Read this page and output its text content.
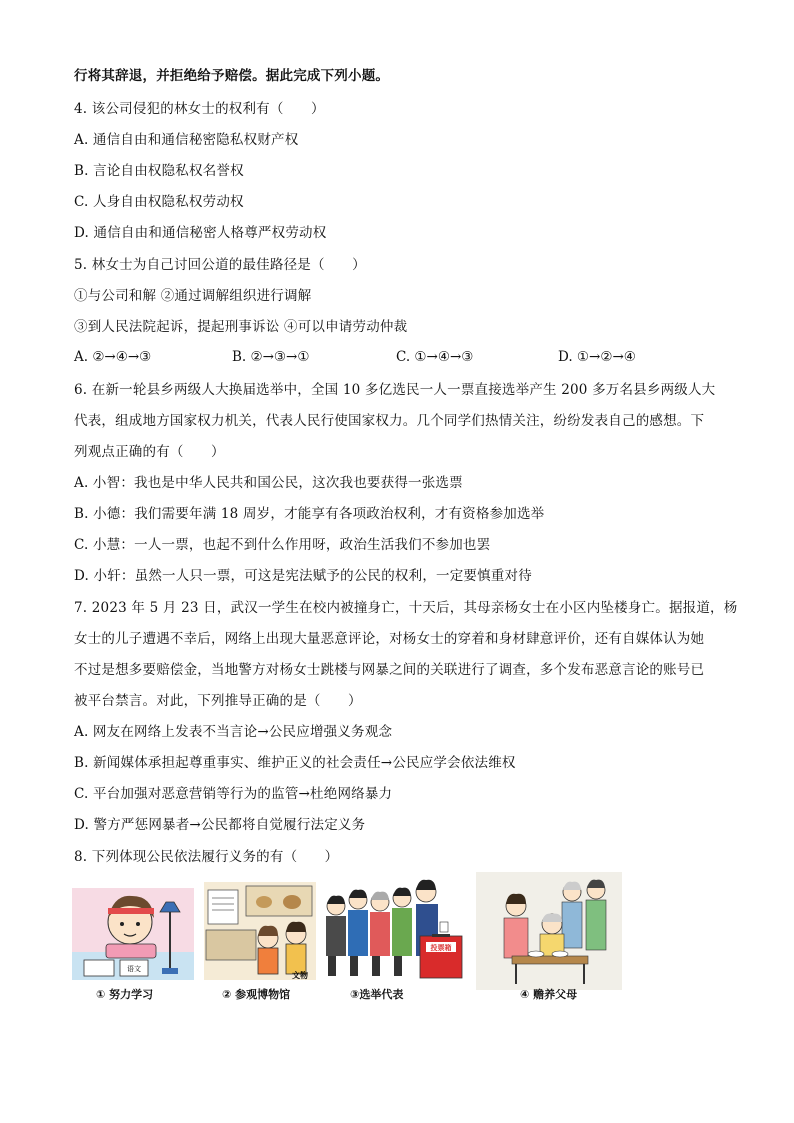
行将其辞退，并拒绝给予赔偿。据此完成下列小题。
4. 该公司侵犯的林女士的权利有（　　）
A. 通信自由和通信秘密隐私权财产权
B. 言论自由权隐私权名誉权
C. 人身自由权隐私权劳动权
D. 通信自由和通信秘密人格尊严权劳动权
5. 林女士为自己讨回公道的最佳路径是（　　）
①与公司和解 ②通过调解组织进行调解
③到人民法院起诉，提起刑事诉讼 ④可以申请劳动仲裁
A. ②→④→③	B. ②→③→①	C. ①→④→③	D. ①→②→④
6. 在新一轮县乡两级人大换届选举中，全国 10 多亿选民一人一票直接选举产生 200 多万名县乡两级人大
代表，组成地方国家权力机关，代表人民行使国家权力。几个同学们热情关注，纷纷发表自己的感想。下
列观点正确的有（　　）
A. 小智：我也是中华人民共和国公民，这次我也要获得一张选票
B. 小德：我们需要年满 18 周岁，才能享有各项政治权利，才有资格参加选举
C. 小慧：一人一票，也起不到什么作用呀，政治生活我们不参加也罢
D. 小轩：虽然一人只一票，可这是宪法赋予的公民的权利，一定要慎重对待
7. 2023 年 5 月 23 日，武汉一学生在校内被撞身亡，十天后，其母亲杨女士在小区内坠楼身亡。据报道，杨
女士的儿子遭遇不幸后，网络上出现大量恶意评论，对杨女士的穿着和身材肆意评价，还有自媒体认为她
不过是想多要赔偿金，当地警方对杨女士跳楼与网暴之间的关联进行了调查，多个发布恶意言论的账号已
被平台禁言。对此，下列推导正确的是（　　）
A. 网友在网络上发表不当言论→公民应增强义务观念
B. 新闻媒体承担起尊重事实、维护正义的社会责任→公民应学会依法维权
C. 平台加强对恶意营销等行为的监管→杜绝网络暴力
D. 警方严惩网暴者→公民都将自觉履行法定义务
8. 下列体现公民依法履行义务的有（　　）
语文
① 努力学习
文物
② 参观博物馆
投票箱
③选举代表	④ 赡养父母
